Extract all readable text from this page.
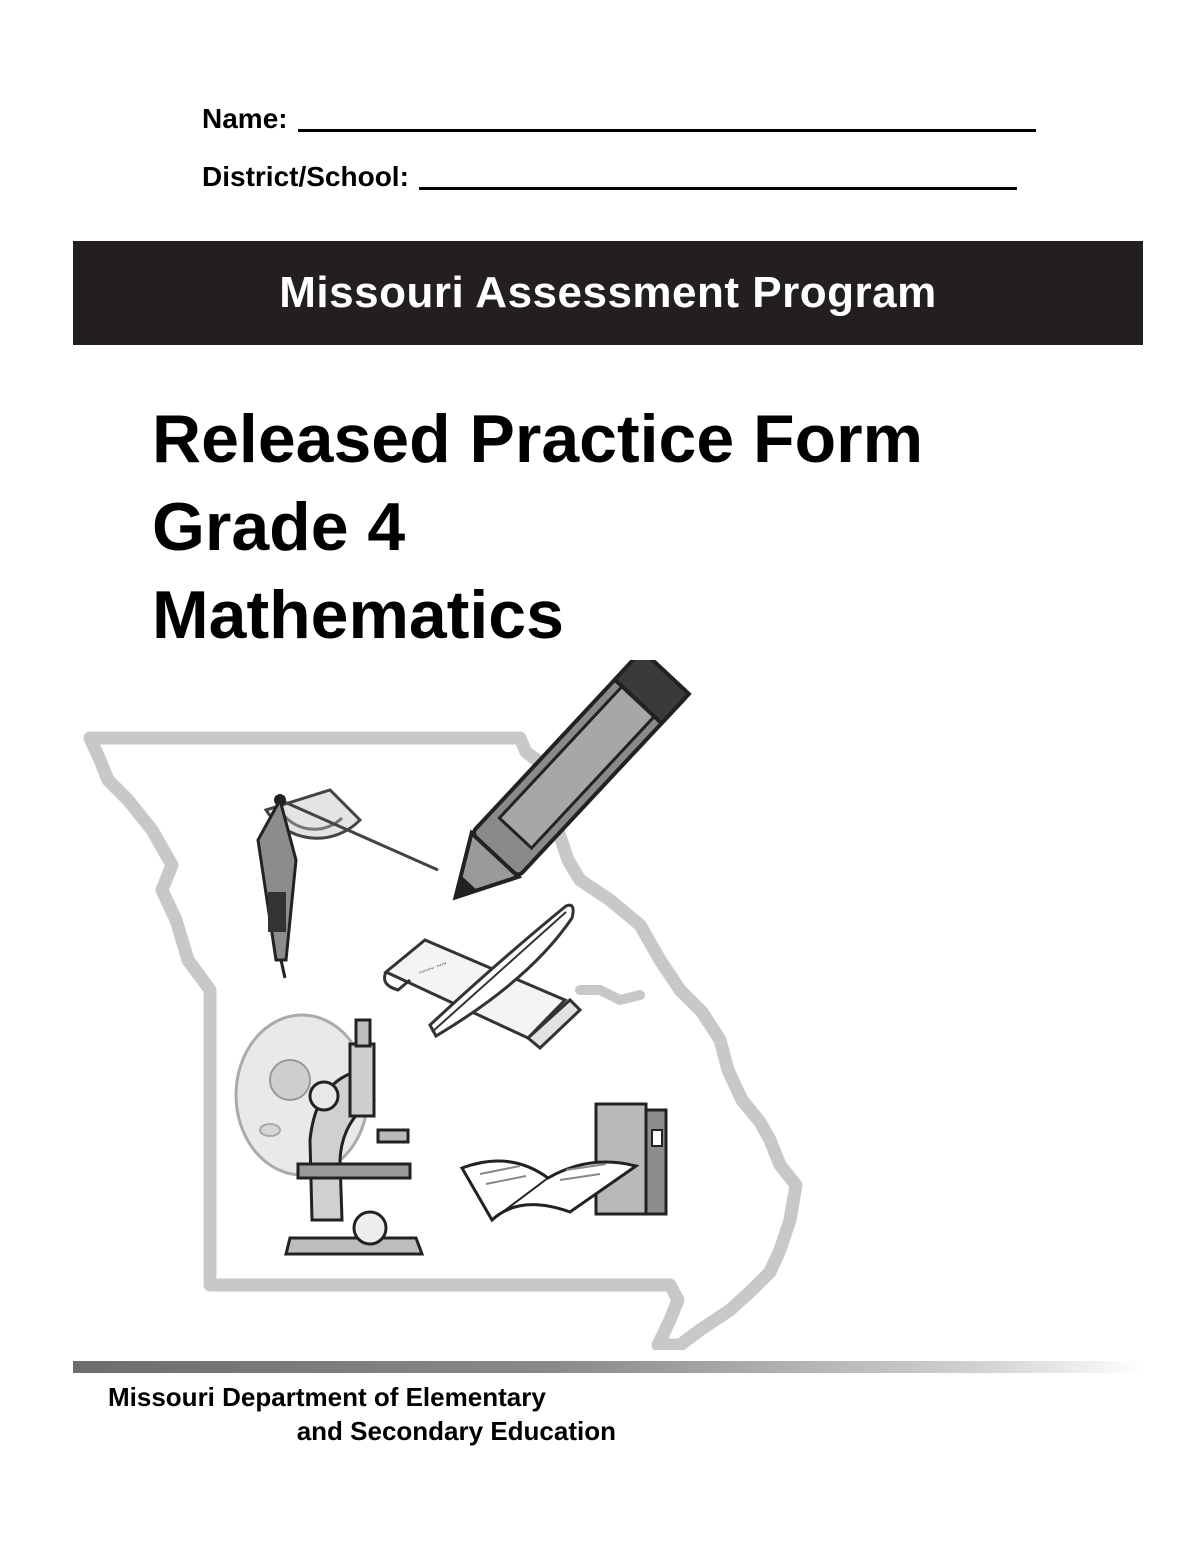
Name:
District/School:
Missouri Assessment Program
Released Practice Form
Grade 4
Mathematics
~~~ ~~
Missouri Department of Elementary
and Secondary Education
